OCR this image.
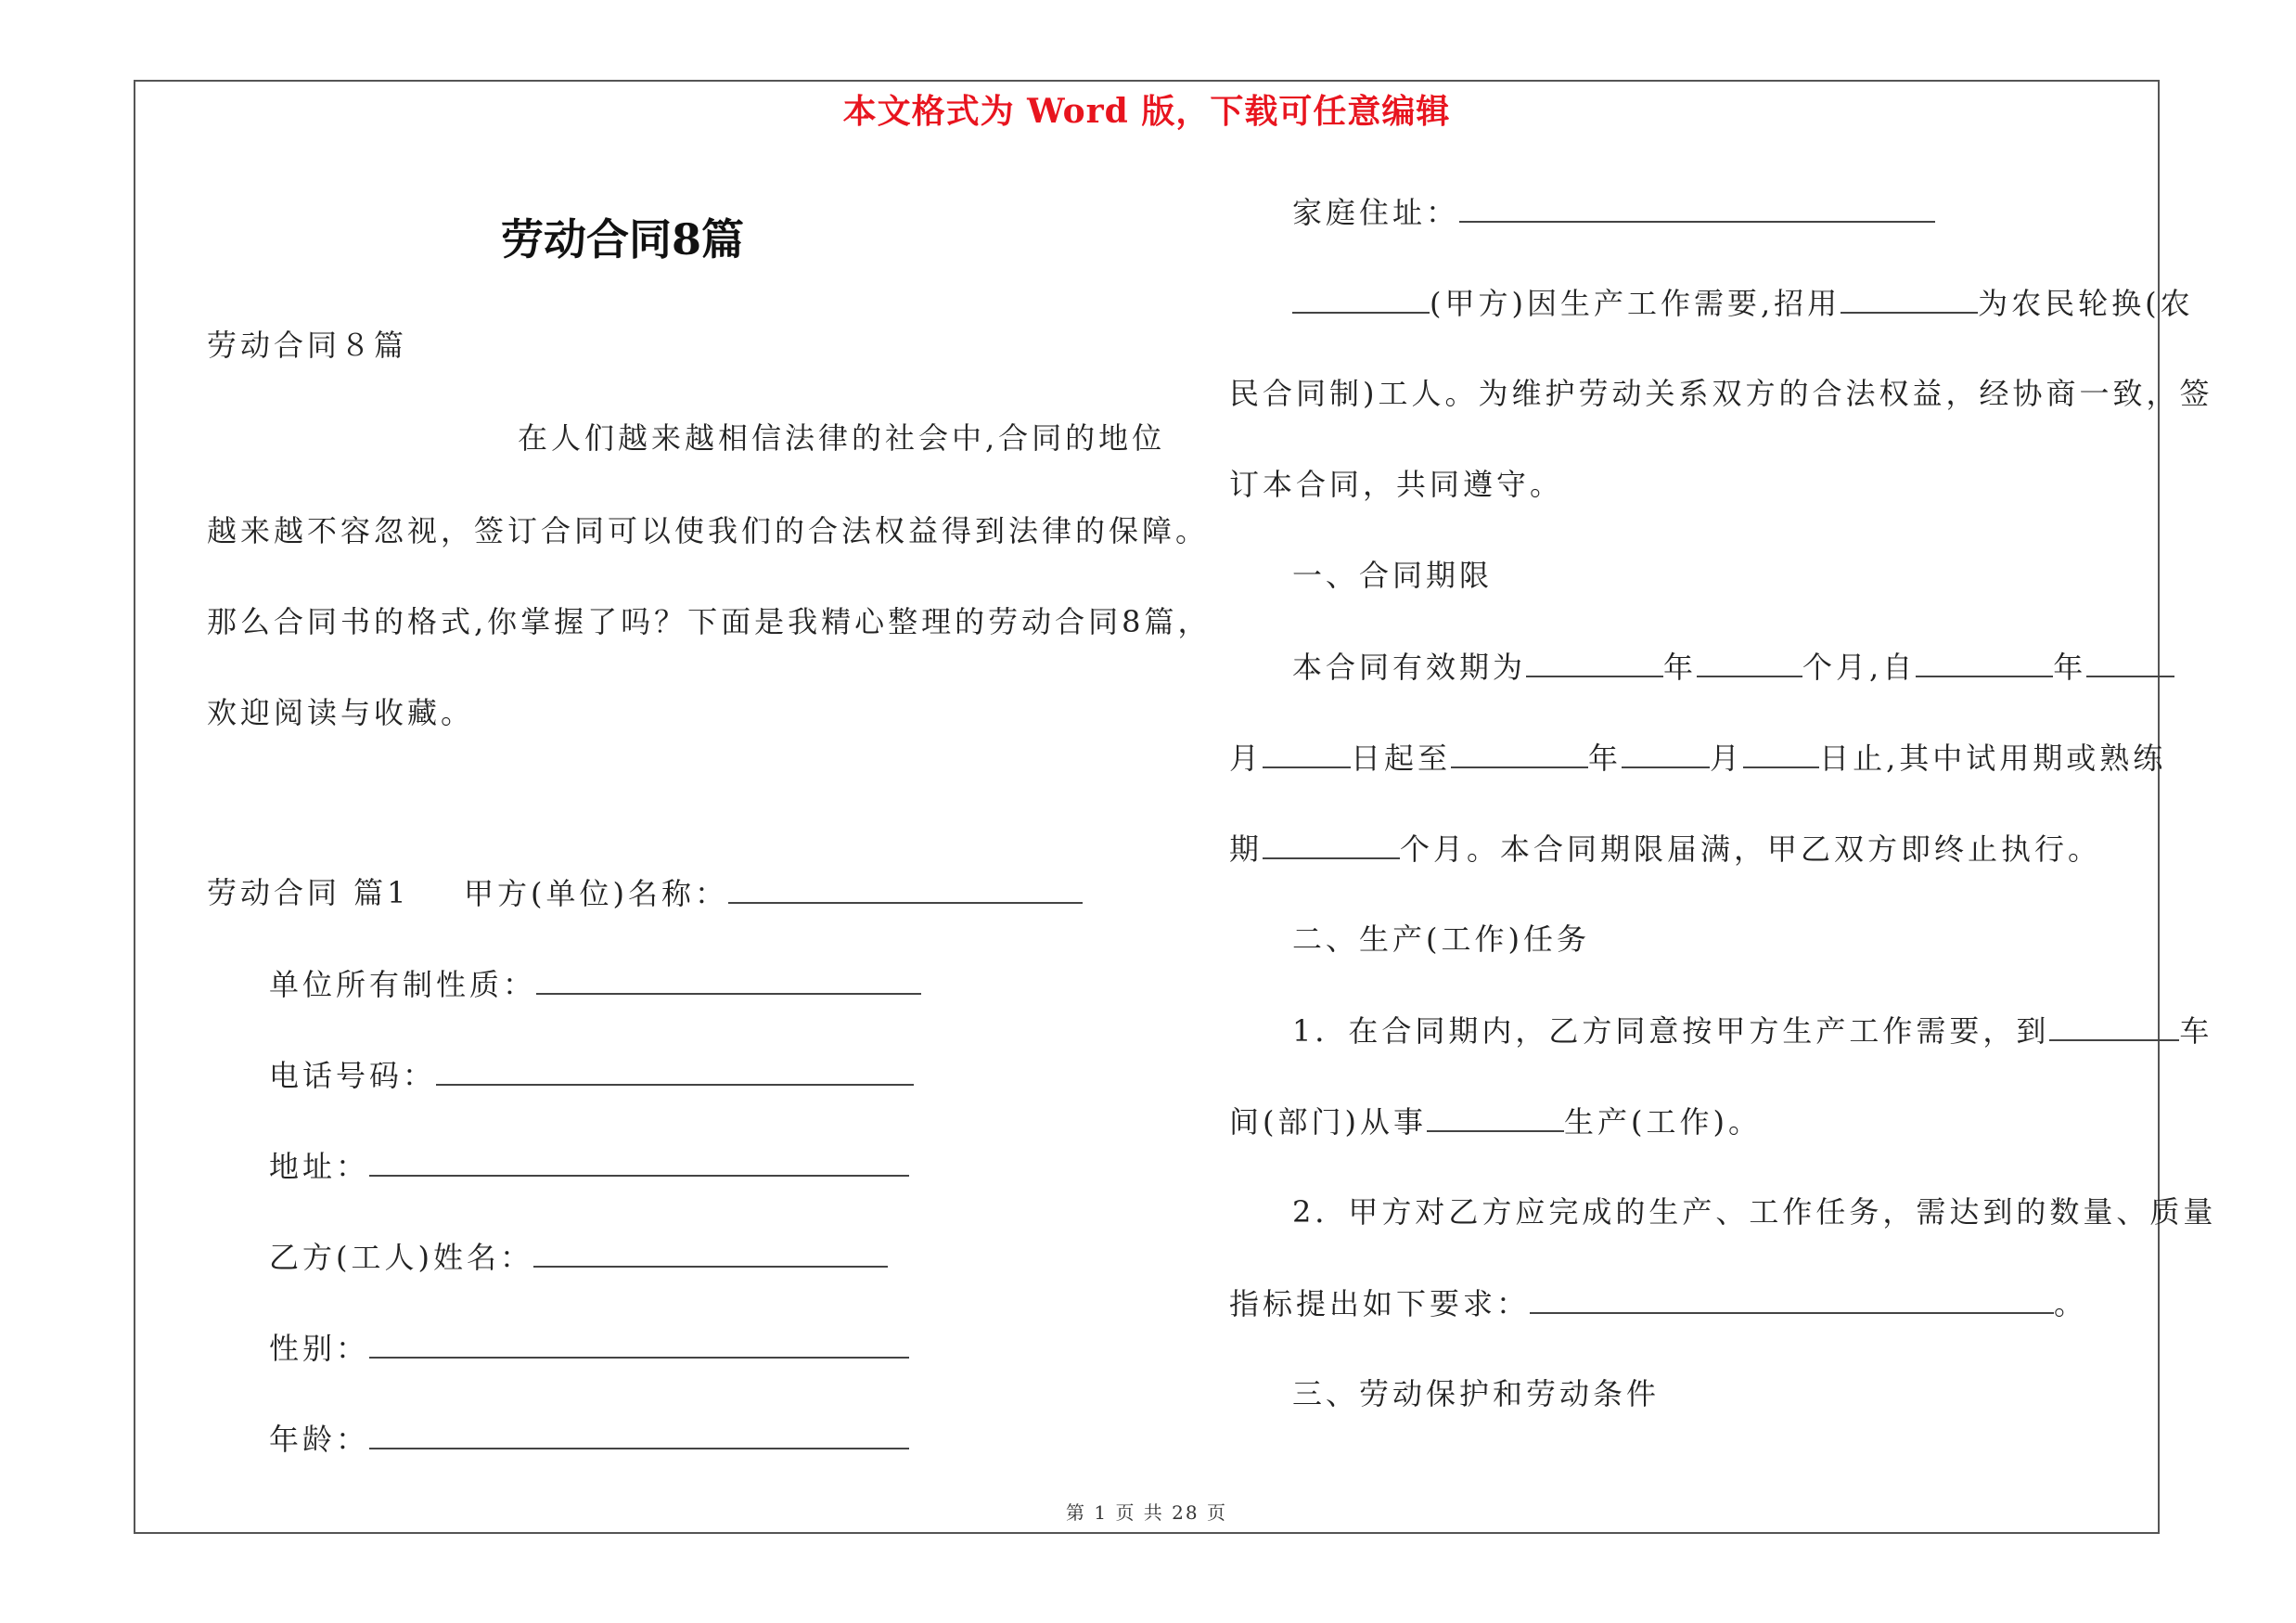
本文格式为 Word 版，下载可任意编辑
劳动合同8篇
劳动合同８篇
在人们越来越相信法律的社会中,合同的地位
越来越不容忽视，签订合同可以使我们的合法权益得到法律的保障。
那么合同书的格式,你掌握了吗？下面是我精心整理的劳动合同8篇，
欢迎阅读与收藏。
劳动合同 篇1 甲方(单位)名称：
单位所有制性质：
电话号码：
地址：
乙方(工人)姓名：
性别：
年龄：
家庭住址：
(甲方)因生产工作需要,招用	为农民轮换(农
民合同制)工人。为维护劳动关系双方的合法权益，经协商一致，签
订本合同，共同遵守。
一、合同期限
本合同有效期为	年	个月,自	年
月	日起至	年	月	日止,其中试用期或熟练
期	个月。本合同期限届满，甲乙双方即终止执行。
二、生产(工作)任务
1．在合同期内，乙方同意按甲方生产工作需要，到	车
间(部门)从事	生产(工作)。
2．甲方对乙方应完成的生产、工作任务，需达到的数量、质量
指标提出如下要求：	。
三、劳动保护和劳动条件
第 1 页 共 28 页
